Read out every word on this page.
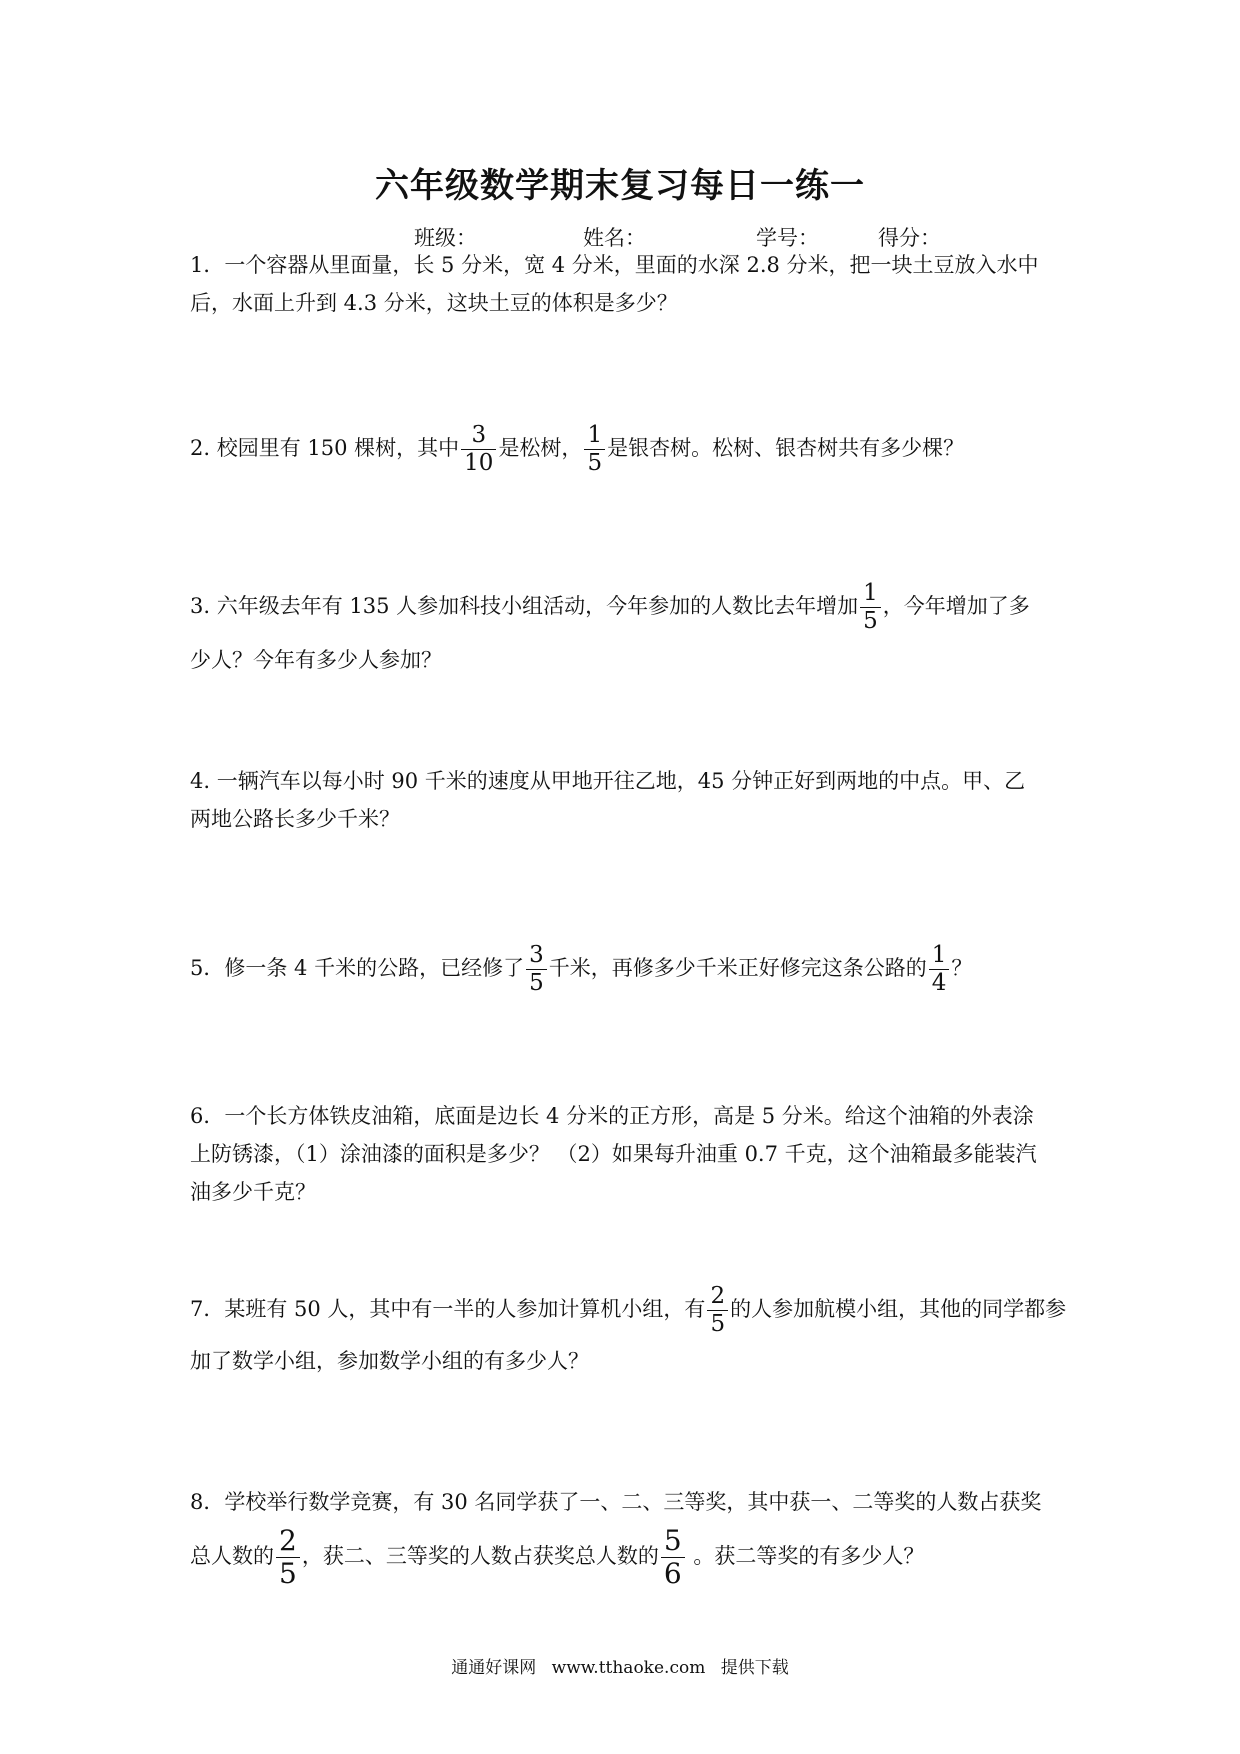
六年级数学期末复习每日一练一
班级：	姓名：	学号：	得分：

1．一个容器从里面量，长 5 分米，宽 4 分米，里面的水深 2.8 分米，把一块土豆放入水中

后，水面上升到 4.3 分米，这块土豆的体积是多少？

2. 校园里有 150 棵树，其中 $\frac{3}{10}$ 是松树， $\frac{1}{5}$ 是银杏树。松树、银杏树共有多少棵？

3. 六年级去年有 135 人参加科技小组活动，今年参加的人数比去年增加 $\frac{1}{5}$ ，今年增加了多

少人？今年有多少人参加？

4. 一辆汽车以每小时 90 千米的速度从甲地开往乙地，45 分钟正好到两地的中点。甲、乙

两地公路长多少千米？

5．修一条 4 千米的公路，已经修了 $\frac{3}{5}$ 千米，再修多少千米正好修完这条公路的 $\frac{1}{4}$ ？

6．一个长方体铁皮油箱，底面是边长 4 分米的正方形，高是 5 分米。给这个油箱的外表涂

上防锈漆，（1）涂油漆的面积是多少？ （2）如果每升油重 0.7 千克，这个油箱最多能装汽

油多少千克？

7．某班有 50 人，其中有一半的人参加计算机小组，有 $\frac{2}{5}$ 的人参加航模小组，其他的同学都参

加了数学小组，参加数学小组的有多少人？

8．学校举行数学竞赛，有 30 名同学获了一、二、三等奖，其中获一、二等奖的人数占获奖

总人数的 $\frac{2}{5}$ ，获二、三等奖的人数占获奖总人数的 $\frac{5}{6}$ 。获二等奖的有多少人？

通通好课网 www.tthaoke.com 提供下载
